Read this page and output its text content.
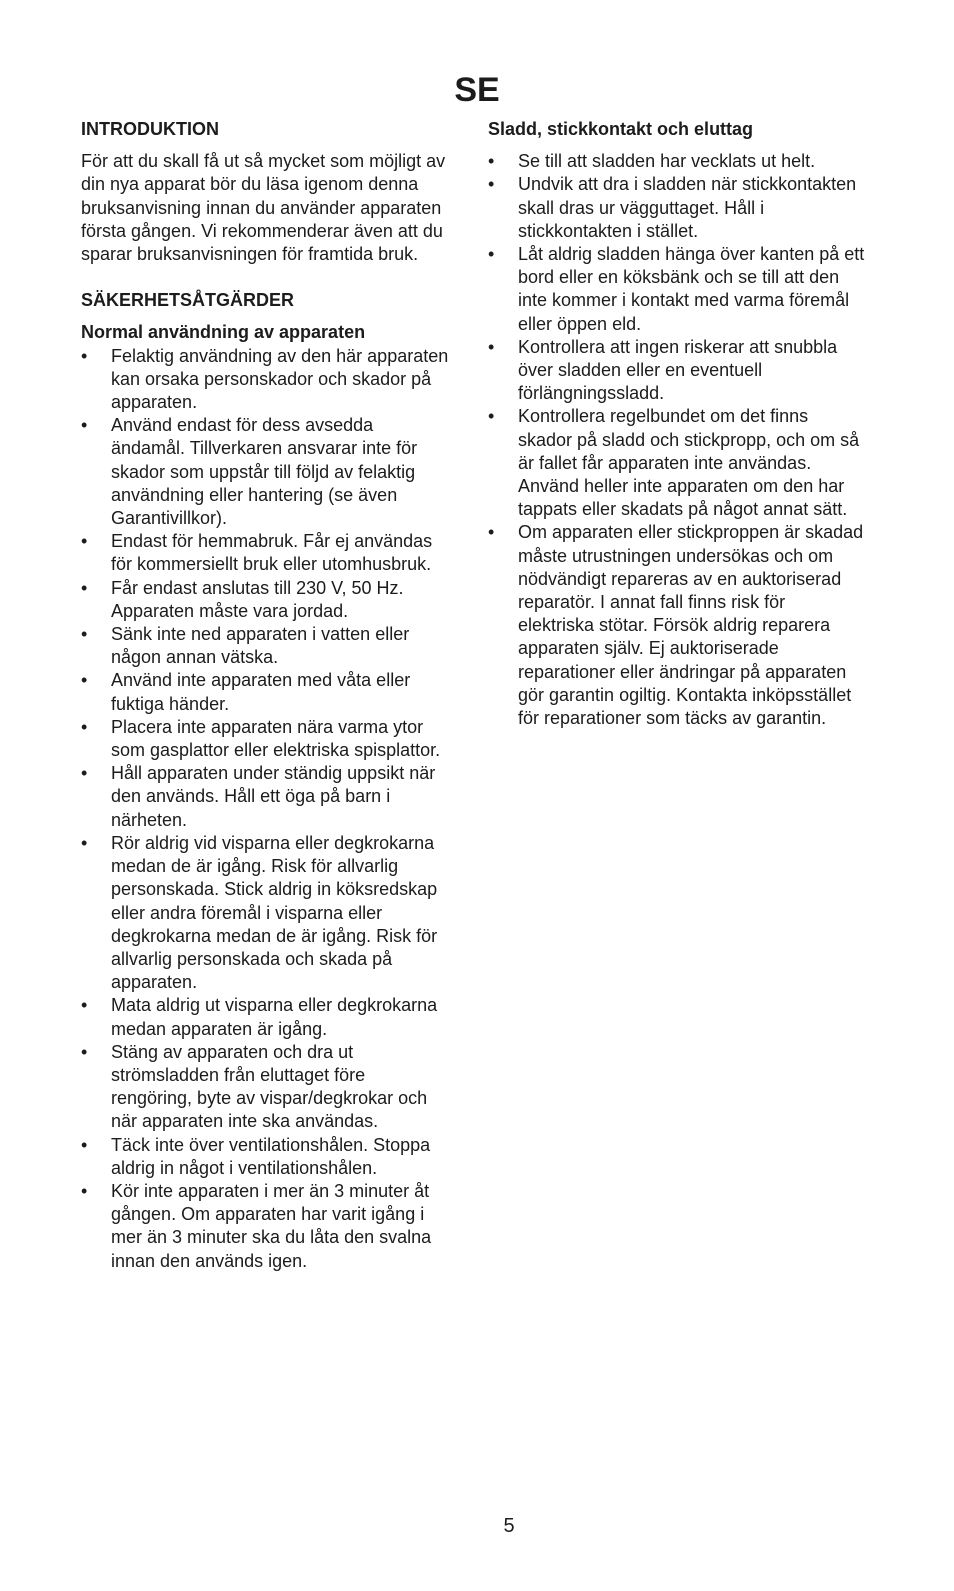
SE
INTRODUKTION

För att du skall få ut så mycket som möjligt av din nya apparat bör du läsa igenom denna bruksanvisning innan du använder apparaten första gången. Vi rekommenderar även att du sparar bruksanvisningen för framtida bruk.

SÄKERHETSÅTGÄRDER
Normal användning av apparaten
• Felaktig användning av den här apparaten kan orsaka personskador och skador på apparaten.
• Använd endast för dess avsedda ändamål. Tillverkaren ansvarar inte för skador som uppstår till följd av felaktig användning eller hantering (se även Garantivillkor).
• Endast för hemmabruk. Får ej användas för kommersiellt bruk eller utomhusbruk.
• Får endast anslutas till 230 V, 50 Hz. Apparaten måste vara jordad.
• Sänk inte ned apparaten i vatten eller någon annan vätska.
• Använd inte apparaten med våta eller fuktiga händer.
• Placera inte apparaten nära varma ytor som gasplattor eller elektriska spisplattor.
• Håll apparaten under ständig uppsikt när den används. Håll ett öga på barn i närheten.
• Rör aldrig vid visparna eller degkrokarna medan de är igång. Risk för allvarlig personskada. Stick aldrig in köksredskap eller andra föremål i visparna eller degkrokarna medan de är igång. Risk för allvarlig personskada och skada på apparaten.
• Mata aldrig ut visparna eller degkrokarna medan apparaten är igång.
• Stäng av apparaten och dra ut strömsladden från eluttaget före rengöring, byte av vispar/degkrokar och när apparaten inte ska användas.
• Täck inte över ventilationshålen. Stoppa aldrig in något i ventilationshålen.
• Kör inte apparaten i mer än 3 minuter åt gången. Om apparaten har varit igång i mer än 3 minuter ska du låta den svalna innan den används igen.
Sladd, stickkontakt och eluttag
• Se till att sladden har vecklats ut helt.
• Undvik att dra i sladden när stickkontakten skall dras ur vägguttaget. Håll i stickkontakten i stället.
• Låt aldrig sladden hänga över kanten på ett bord eller en köksbänk och se till att den inte kommer i kontakt med varma föremål eller öppen eld.
• Kontrollera att ingen riskerar att snubbla över sladden eller en eventuell förlängningssladd.
• Kontrollera regelbundet om det finns skador på sladd och stickpropp, och om så är fallet får apparaten inte användas. Använd heller inte apparaten om den har tappats eller skadats på något annat sätt.
• Om apparaten eller stickproppen är skadad måste utrustningen undersökas och om nödvändigt repareras av en auktoriserad reparatör. I annat fall finns risk för elektriska stötar. Försök aldrig reparera apparaten själv. Ej auktoriserade reparationer eller ändringar på apparaten gör garantin ogiltig. Kontakta inköpsstället för reparationer som täcks av garantin.
5
